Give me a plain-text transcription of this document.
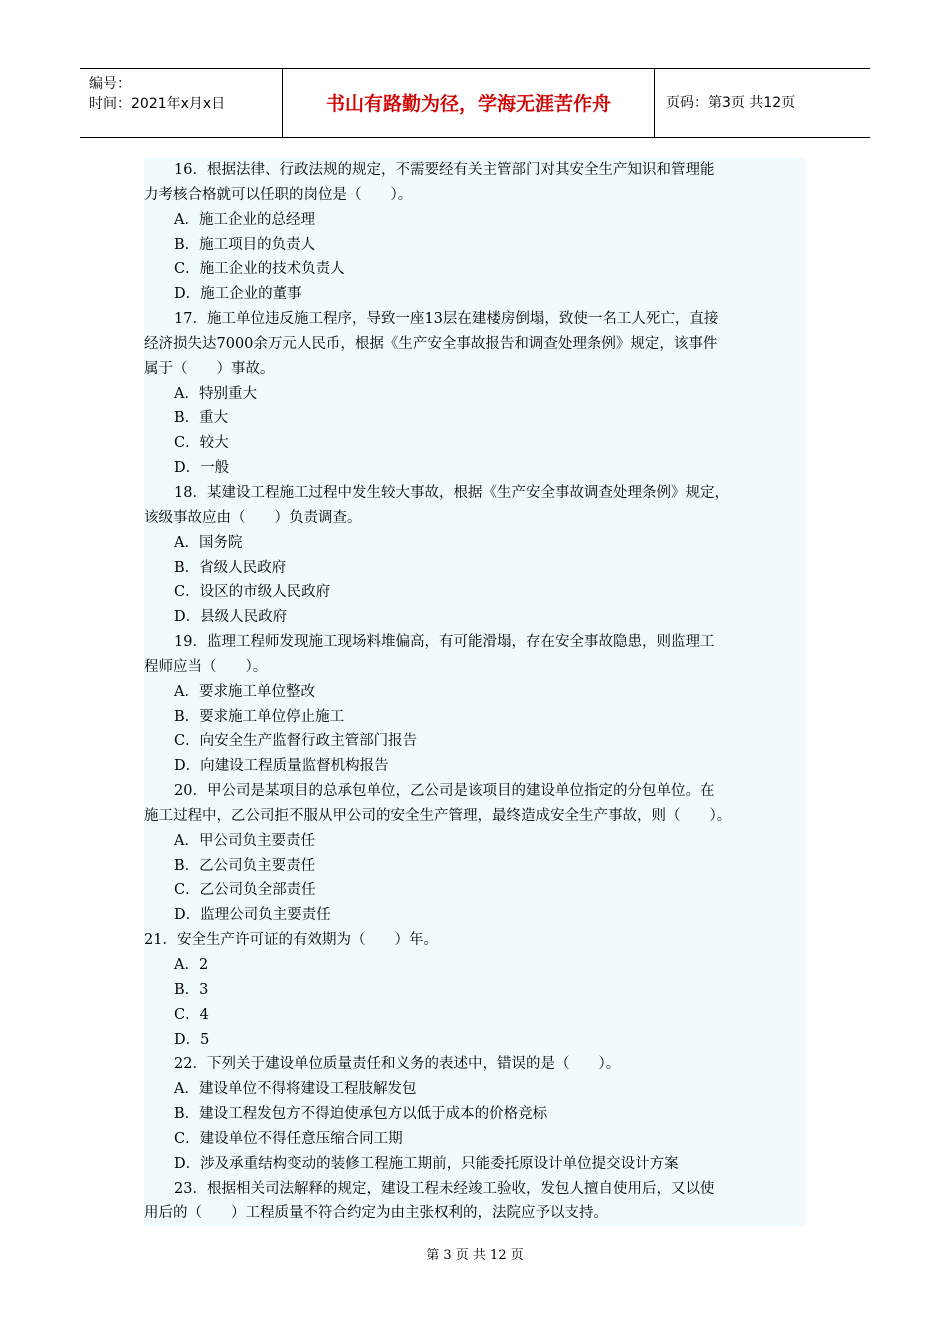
编号：
时间：2021年x月x日	书山有路勤为径，学海无涯苦作舟	页码：第3页 共12页
16．根据法律、行政法规的规定，不需要经有关主管部门对其安全生产知识和管理能
力考核合格就可以任职的岗位是（　　）。
A．施工企业的总经理
B．施工项目的负责人
C．施工企业的技术负责人
D．施工企业的董事
17．施工单位违反施工程序，导致一座13层在建楼房倒塌，致使一名工人死亡，直接
经济损失达7000余万元人民币，根据《生产安全事故报告和调查处理条例》规定，该事件
属于（　　）事故。
A．特别重大
B．重大
C．较大
D．一般
18．某建设工程施工过程中发生较大事故，根据《生产安全事故调查处理条例》规定，
该级事故应由（　　）负责调查。
A．国务院
B．省级人民政府
C．设区的市级人民政府
D．县级人民政府
19．监理工程师发现施工现场料堆偏高，有可能滑塌，存在安全事故隐患，则监理工
程师应当（　　）。
A．要求施工单位整改
B．要求施工单位停止施工
C．向安全生产监督行政主管部门报告
D．向建设工程质量监督机构报告
20．甲公司是某项目的总承包单位，乙公司是该项目的建设单位指定的分包单位。在
施工过程中，乙公司拒不服从甲公司的安全生产管理，最终造成安全生产事故，则（　　）。
A．甲公司负主要责任
B．乙公司负主要责任
C．乙公司负全部责任
D．监理公司负主要责任
21．安全生产许可证的有效期为（　　）年。
A．2
B．3
C．4
D．5
22．下列关于建设单位质量责任和义务的表述中，错误的是（　　）。
A．建设单位不得将建设工程肢解发包
B．建设工程发包方不得迫使承包方以低于成本的价格竞标
C．建设单位不得任意压缩合同工期
D．涉及承重结构变动的装修工程施工期前，只能委托原设计单位提交设计方案
23．根据相关司法解释的规定，建设工程未经竣工验收，发包人擅自使用后，又以使
用后的（　　）工程质量不符合约定为由主张权利的，法院应予以支持。
第 3 页 共 12 页
